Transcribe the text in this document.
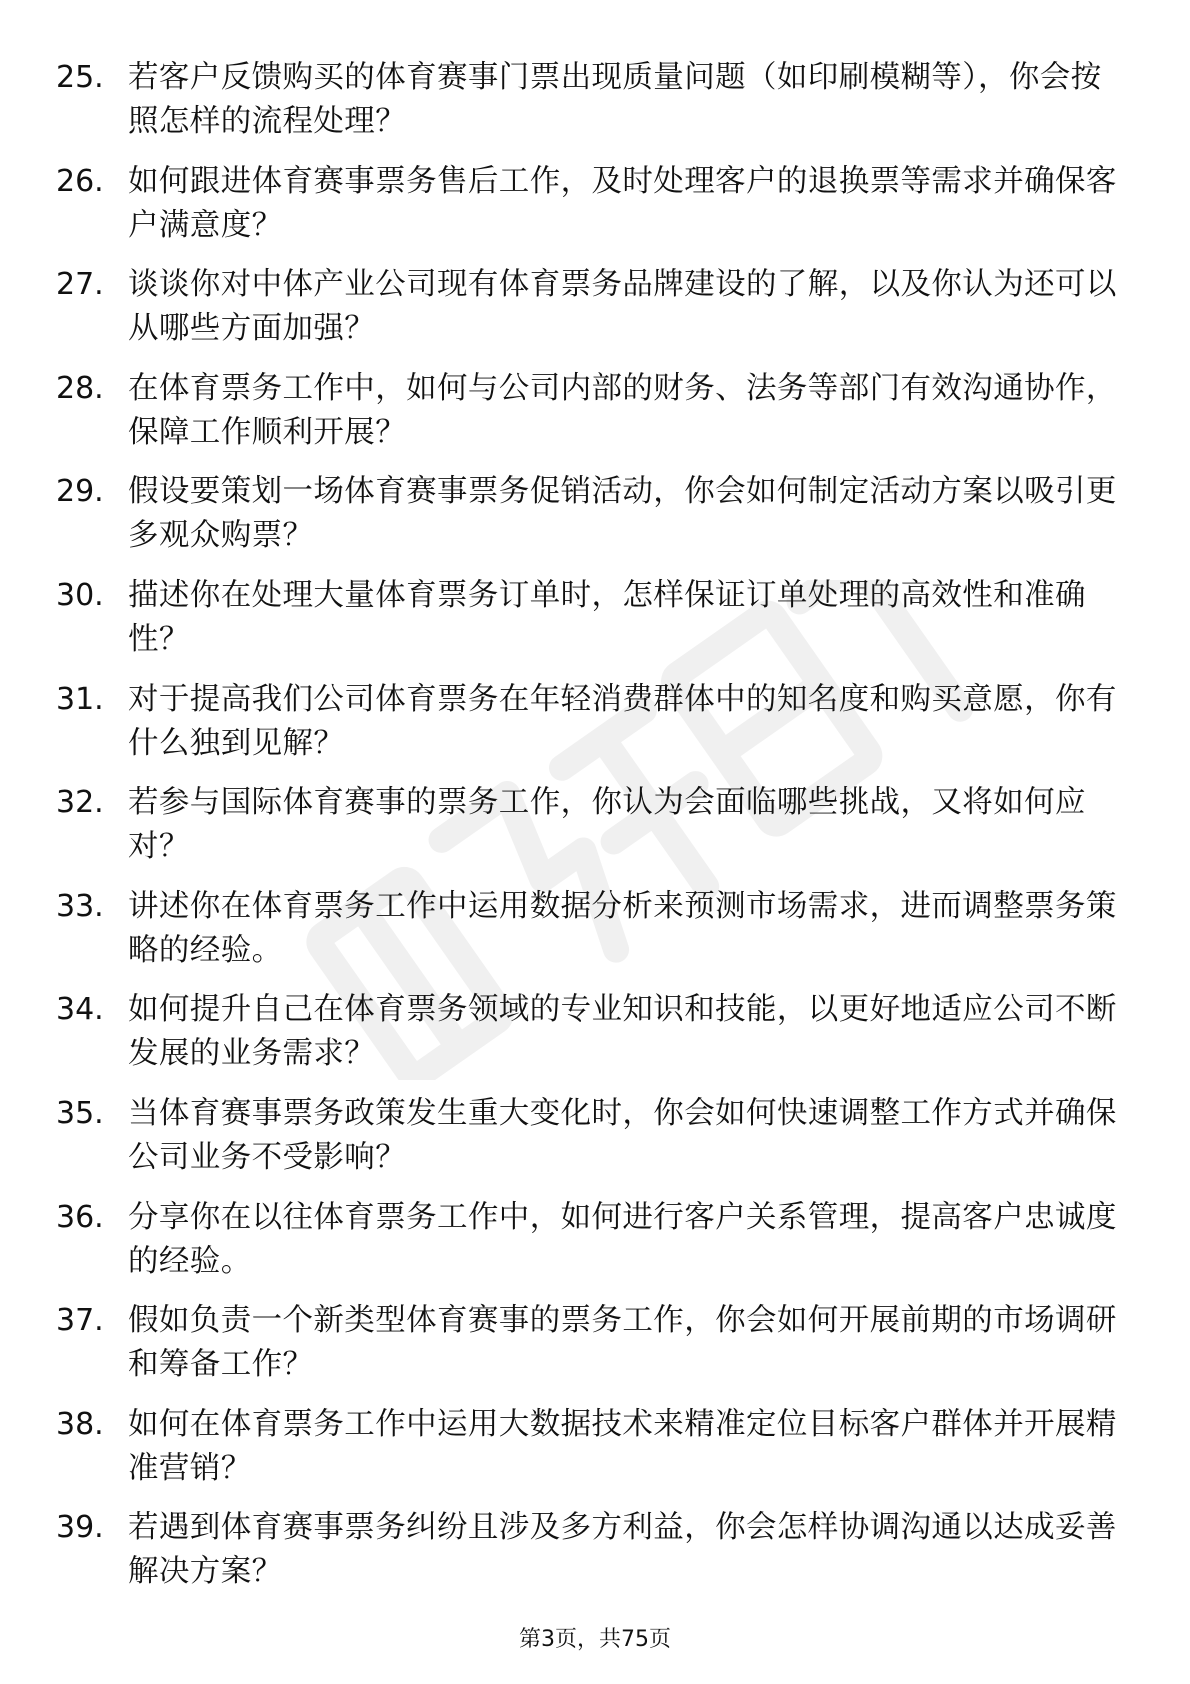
25. 若客户反馈购买的体育赛事门票出现质量问题（如印刷模糊等），你会按照怎样的流程处理？
26. 如何跟进体育赛事票务售后工作，及时处理客户的退换票等需求并确保客户满意度？
27. 谈谈你对中体产业公司现有体育票务品牌建设的了解，以及你认为还可以从哪些方面加强？
28. 在体育票务工作中，如何与公司内部的财务、法务等部门有效沟通协作，保障工作顺利开展？
29. 假设要策划一场体育赛事票务促销活动，你会如何制定活动方案以吸引更多观众购票？
30. 描述你在处理大量体育票务订单时，怎样保证订单处理的高效性和准确性？
31. 对于提高我们公司体育票务在年轻消费群体中的知名度和购买意愿，你有什么独到见解？
32. 若参与国际体育赛事的票务工作，你认为会面临哪些挑战，又将如何应对？
33. 讲述你在体育票务工作中运用数据分析来预测市场需求，进而调整票务策略的经验。
34. 如何提升自己在体育票务领域的专业知识和技能，以更好地适应公司不断发展的业务需求？
35. 当体育赛事票务政策发生重大变化时，你会如何快速调整工作方式并确保公司业务不受影响？
36. 分享你在以往体育票务工作中，如何进行客户关系管理，提高客户忠诚度的经验。
37. 假如负责一个新类型体育赛事的票务工作，你会如何开展前期的市场调研和筹备工作？
38. 如何在体育票务工作中运用大数据技术来精准定位目标客户群体并开展精准营销？
39. 若遇到体育赛事票务纠纷且涉及多方利益，你会怎样协调沟通以达成妥善解决方案？
第3页，共75页
